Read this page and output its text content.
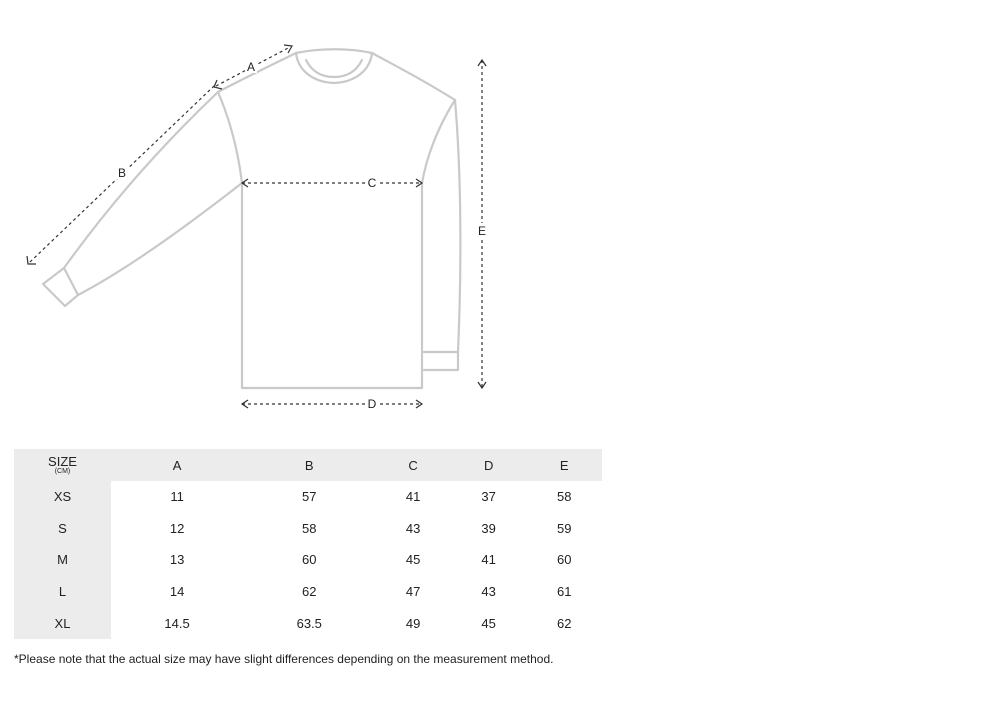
A
B
C
D
E
SIZE
(CM)	A	B	C	D	E
XS	11	57	41	37	58
S	12	58	43	39	59
M	13	60	45	41	60
L	14	62	47	43	61
XL	14.5	63.5	49	45	62
*Please note that the actual size may have slight differences depending on the measurement method.
